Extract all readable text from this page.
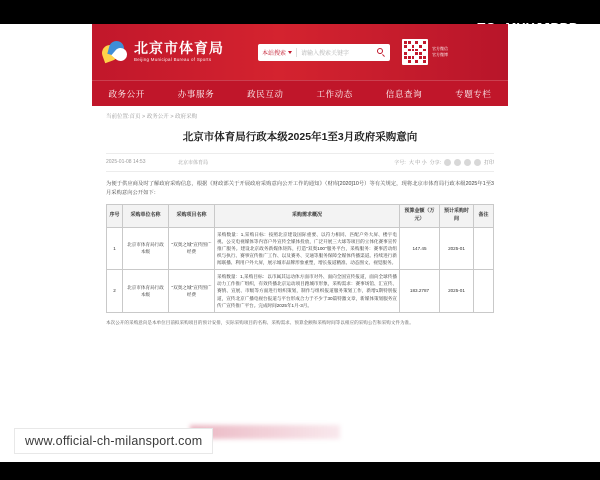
北京市体育局
Beijing Municipal Bureau of Sports
本站搜索	请输入搜索关键字
官方微信
官方微博
政务公开	办事服务	政民互动	工作动态	信息查询	专题专栏
当前位置:首页 > 政务公开 > 政府采购
北京市体育局行政本级2025年1至3月政府采购意向
2025-01-08 14:53	北京市体育局	字号: 大 中 小 分享:	打印
为便于供应商及时了解政府采购信息，根据《财政部关于开展政府采购意向公开工作的通知》（财库[2020]10号）等有关规定，现将北京市体育局行政本级2025年1至3月采购意向公开如下：
序号	采购单位名称	采购项目名称	采购需求概况	预算金额（万元）	预计采购时间	备注
1	北京市体育局行政本级	"双奥之城"宣传图广经费	采购数量：1,采购日标：按照北京建设国际重要、以符力相同、匹配户外大屏、楼宇电视、公交电视媒体等内容户外宣传全媒体投放，广泛开展三大球等项目的立体化赛事宣传推广服务。建设北京政务新媒体矩阵，打造"双奥100"服务平台，采购服务：赛事活动组织与执行、赛事宣传推广工作、以及赛务、交通等服务保障全媒体传播渠道。持续进行新闻联播、利用户外大屏，展示城市品牌形象重塑，增长报道精准、动态图文、视觉服务。	147.45	2025-01	
2	北京市体育局行政本级	"双奥之城"宣传图广经费	采购数量：1,采购目标：以市属其运动体方面市对外、面向全国宣传报道，面向全球传播动力工作推广组织，有效传播北京运动项目跑城市形象，采购需求：赛事场馆、汇宣传、赛情、宣展、市级等方面进行组织策划，制作与组织报道服务策划工作，新增1期特别报道，宣传北京广播电视台报道与平台形成合力于不少于30篇特激文章，新媒体策划服务宣传广宣传推广平台。完成时间2025年1月-3月。	183.2787	2025-01	
本次公开的采购意向是本单位目前拟采购项目的预计安排，实际采购项目的名称、采购需求、预算金额和采购时间等以相应的采购公告和采购文件为准。
www.official-ch-milansport.com
